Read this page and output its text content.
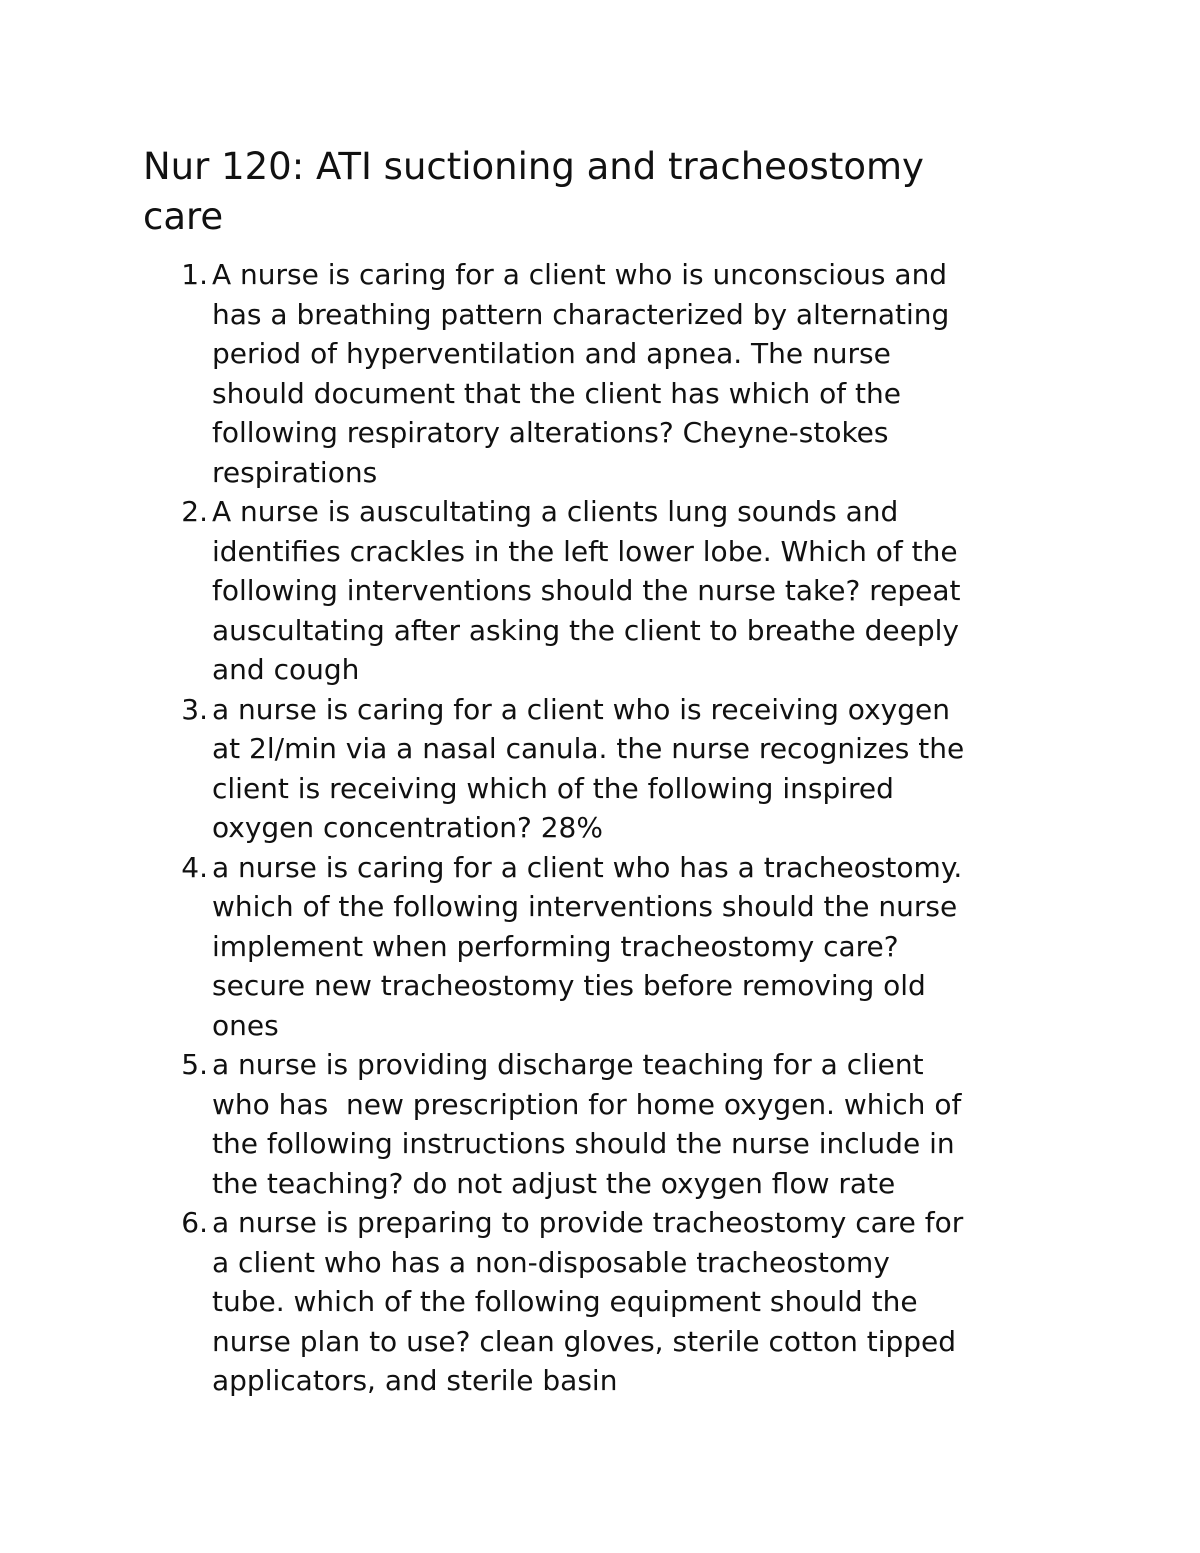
Nur 120: ATI suctioning and tracheostomy
care
1. A nurse is caring for a client who is unconscious and
has a breathing pattern characterized by alternating
period of hyperventilation and apnea. The nurse
should document that the client has which of the
following respiratory alterations? Cheyne-stokes
respirations
2. A nurse is auscultating a clients lung sounds and
identifies crackles in the left lower lobe. Which of the
following interventions should the nurse take? repeat
auscultating after asking the client to breathe deeply
and cough
3. a nurse is caring for a client who is receiving oxygen
at 2l/min via a nasal canula. the nurse recognizes the
client is receiving which of the following inspired
oxygen concentration? 28%
4. a nurse is caring for a client who has a tracheostomy.
which of the following interventions should the nurse
implement when performing tracheostomy care?
secure new tracheostomy ties before removing old
ones
5. a nurse is providing discharge teaching for a client
who has  new prescription for home oxygen. which of
the following instructions should the nurse include in
the teaching? do not adjust the oxygen flow rate
6. a nurse is preparing to provide tracheostomy care for
a client who has a non-disposable tracheostomy
tube. which of the following equipment should the
nurse plan to use? clean gloves, sterile cotton tipped
applicators, and sterile basin
